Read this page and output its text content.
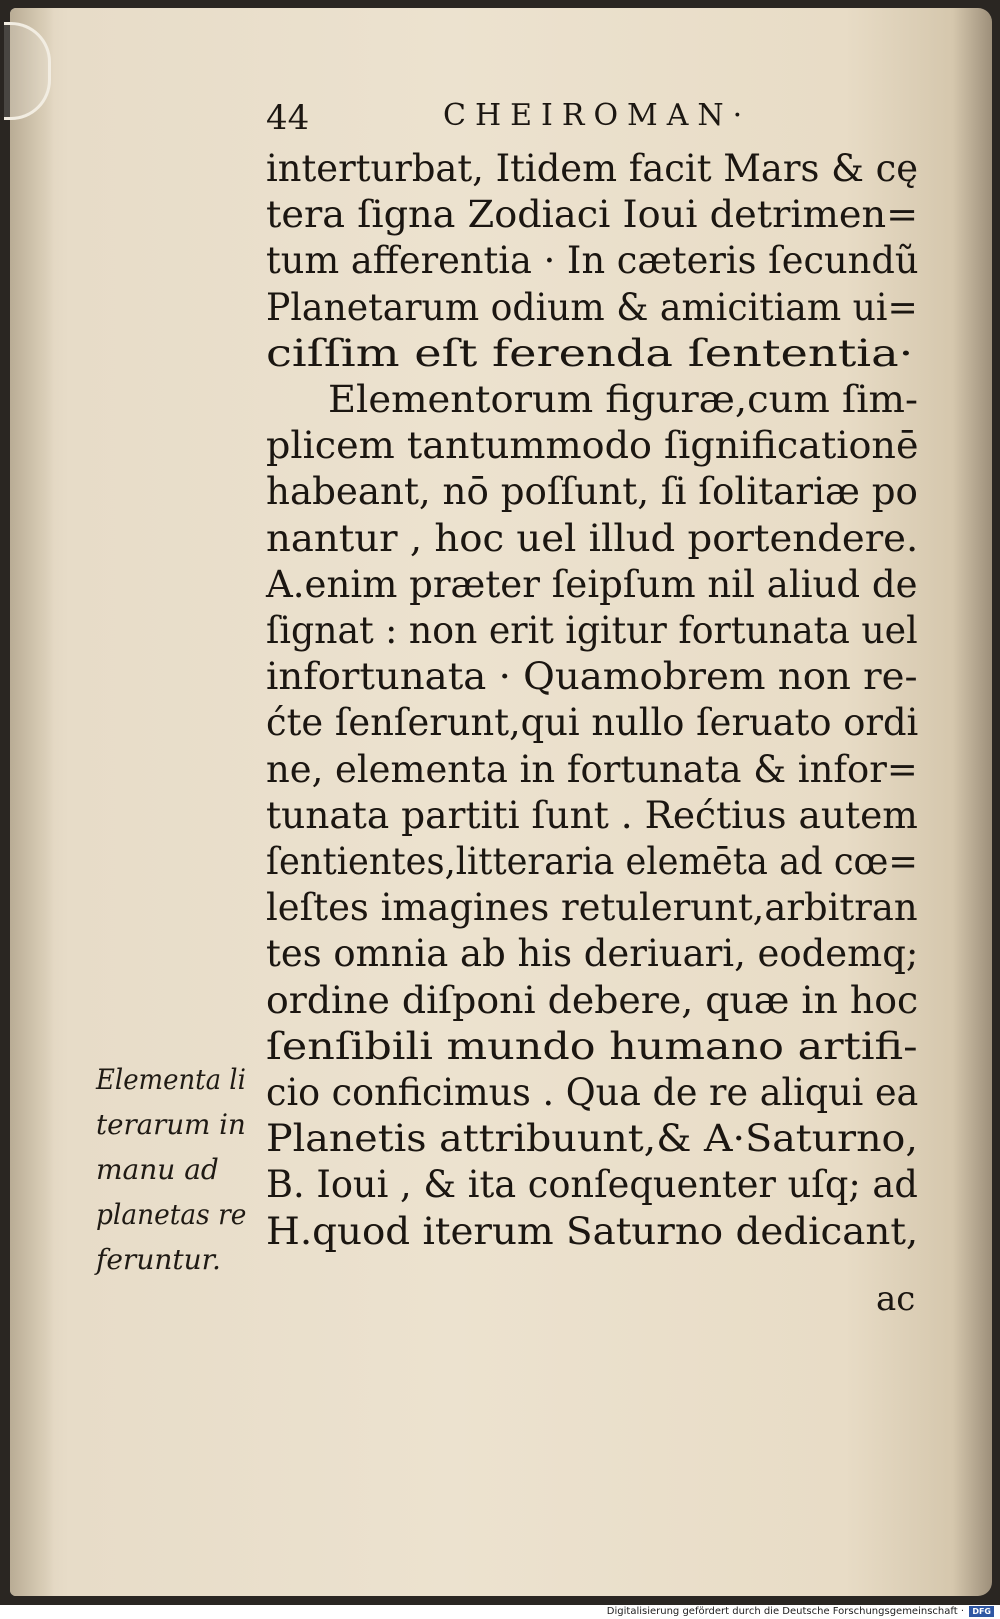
44	CHEIROMAN·
interturbat, Itidem facit Mars & cę
tera ſigna Zodiaci Ioui detrimen=
tum afferentia · In cæteris ſecundũ
Planetarum odium & amicitiam ui=
ciſſim eſt ferenda ſententia·
Elementorum figuræ,cum ſim-
plicem tantummodo ſignificationē
habeant, nō poſſunt, ſi ſolitariæ po
nantur , hoc uel illud portendere.
A.enim præter ſeipſum nil aliud de
ſignat : non erit igitur fortunata uel
infortunata · Quamobrem non re-
ćte ſenſerunt,qui nullo ſeruato ordi
ne, elementa in fortunata & infor=
tunata partiti ſunt . Rećtius autem
ſentientes,litteraria elemēta ad cœ=
leſtes imagines retulerunt,arbitran
tes omnia ab his deriuari, eodemq;
ordine diſponi debere, quæ in hoc
ſenſibili mundo humano artifi-
cio conficimus . Qua de re aliqui ea
Planetis attribuunt,& A·Saturno,
B. Ioui , & ita conſequenter uſq; ad
H.quod iterum Saturno dedicant,
Elementa li
terarum in
manu ad
planetas re
feruntur.
ac
Digitalisierung gefördert durch die Deutsche Forschungsgemeinschaft ·	DFG
